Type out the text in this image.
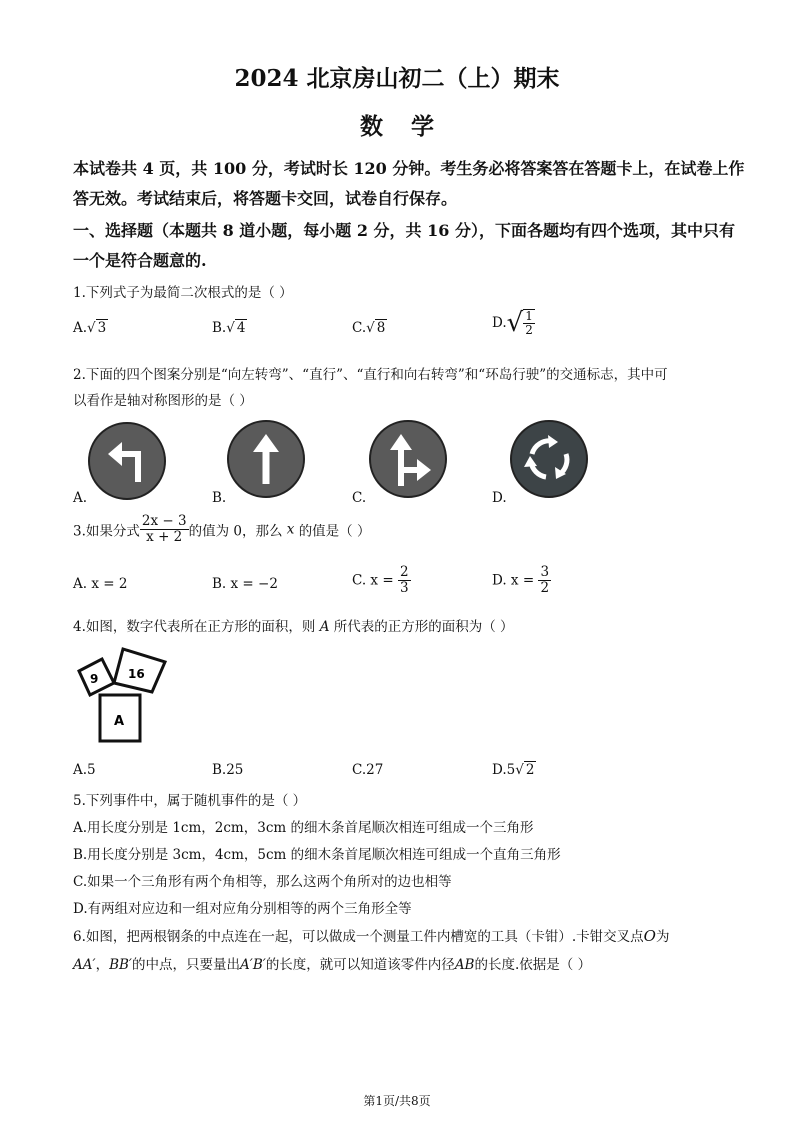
2024 北京房山初二（上）期末
数学
本试卷共 4 页，共 100 分，考试时长 120 分钟。考生务必将答案答在答题卡上，在试卷上作
答无效。考试结束后，将答题卡交回，试卷自行保存。
一、选择题（本题共 8 道小题，每小题 2 分，共 16 分），下面各题均有四个选项，其中只有
一个是符合题意的.
1.下列式子为最简二次根式的是（ ）
A.√ 3	B.√ 4	C.√ 8	$D.√ \frac{1}{2}$
2.下面的四个图案分别是“向左转弯”、“直行”、“直行和向右转弯”和“环岛行驶”的交通标志，其中可
以看作是轴对称图形的是（ ）
A.	B.	C.	D.
3.如果分式 $\frac{2x - 3}{x + 2}$ 的值为 0，那么 x 的值是（ ）
A. x = 2	B. x = −2	C. $x = \frac{2}{3}$	D. $x = \frac{3}{2}$
4.如图，数字代表所在正方形的面积，则 A 所代表的正方形的面积为（ ）
9 16
A
A.5	B.25	C.27	D.5√ 2
5.下列事件中，属于随机事件的是（ ）
A.用长度分别是 1cm，2cm，3cm 的细木条首尾顺次相连可组成一个三角形
B.用长度分别是 3cm，4cm，5cm 的细木条首尾顺次相连可组成一个直角三角形
C.如果一个三角形有两个角相等，那么这两个角所对的边也相等
D.有两组对应边和一组对应角分别相等的两个三角形全等
6.如图，把两根钢条的中点连在一起，可以做成一个测量工件内槽宽的工具（卡钳）.卡钳交叉点O为
AA′，BB′的中点，只要量出A′B′的长度，就可以知道该零件内径AB的长度.依据是（ ）
第1页/共8页
